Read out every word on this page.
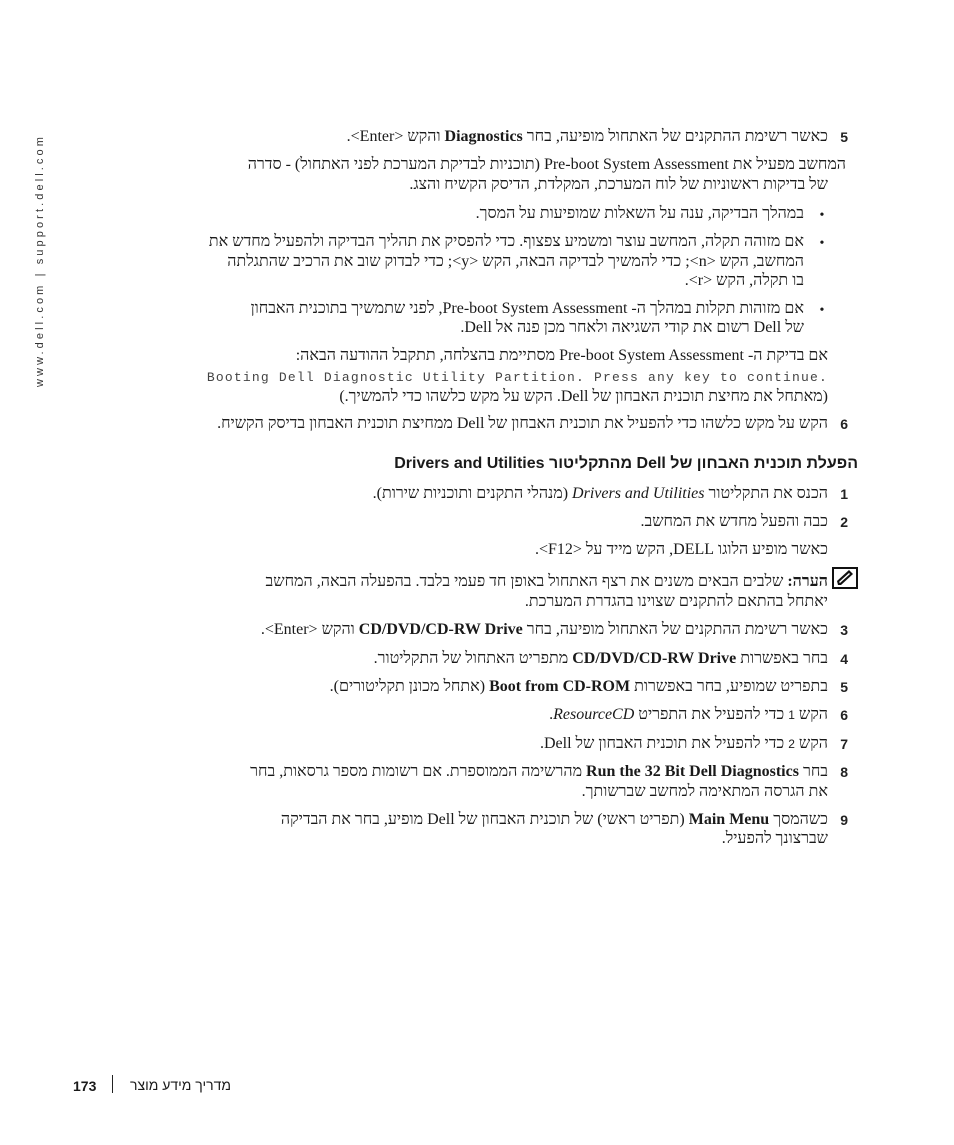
www.dell.com | support.dell.com	5
כאשר רשימת ההתקנים של האתחול מופיעה, בחר Diagnostics והקש <Enter>.
המחשב מפעיל את Pre-boot System Assessment (תוכניות לבדיקת המערכת לפני האתחול) - סדרה
של בדיקות ראשוניות של לוח המערכת, המקלדת, הדיסק הקשיח והצג.
•
במהלך הבדיקה, ענה על השאלות שמופיעות על המסך.
•
אם מזוהה תקלה, המחשב עוצר ומשמיע צפצוף. כדי להפסיק את תהליך הבדיקה ולהפעיל מחדש את
המחשב, הקש <n>; כדי להמשיך לבדיקה הבאה, הקש <y>; כדי לבדוק שוב את הרכיב שהתגלתה
בו תקלה, הקש <r>.
•
אם מזוהות תקלות במהלך ה- Pre-boot System Assessment, לפני שתמשיך בתוכנית האבחון
של Dell רשום את קודי השגיאה ולאחר מכן פנה אל Dell.
אם בדיקת ה- Pre-boot System Assessment מסתיימת בהצלחה, תתקבל ההודעה הבאה:
Booting Dell Diagnostic Utility Partition. Press any key to continue.
(מאתחל את מחיצת תוכנית האבחון של Dell. הקש על מקש כלשהו כדי להמשיך.)
6
הקש על מקש כלשהו כדי להפעיל את תוכנית האבחון של Dell ממחיצת תוכנית האבחון בדיסק הקשיח.
הפעלת תוכנית האבחון של Dell מהתקליטור Drivers and Utilities
1
הכנס את התקליטור Drivers and Utilities (מנהלי התקנים ותוכניות שירות).
2
כבה והפעל מחדש את המחשב.
כאשר מופיע הלוגו DELL, הקש מייד על <F12>.
הערה: שלבים הבאים משנים את רצף האתחול באופן חד פעמי בלבד. בהפעלה הבאה, המחשב
יאתחל בהתאם להתקנים שצוינו בהגדרת המערכת.
3
כאשר רשימת ההתקנים של האתחול מופיעה, בחר CD/DVD/CD-RW Drive והקש <Enter>.
4
בחר באפשרות CD/DVD/CD-RW Drive מתפריט האתחול של התקליטור.
5
בתפריט שמופיע, בחר באפשרות Boot from CD-ROM (אתחל מכונן תקליטורים).
6
הקש 1 כדי להפעיל את התפריט ResourceCD.
7
הקש 2 כדי להפעיל את תוכנית האבחון של Dell.
8
בחר Run the 32 Bit Dell Diagnostics מהרשימה הממוספרת. אם רשומות מספר גרסאות, בחר
את הגרסה המתאימה למחשב שברשותך.
9
כשהמסך Main Menu (תפריט ראשי) של תוכנית האבחון של Dell מופיע, בחר את הבדיקה
שברצונך להפעיל.
173 מדריך מידע מוצר
